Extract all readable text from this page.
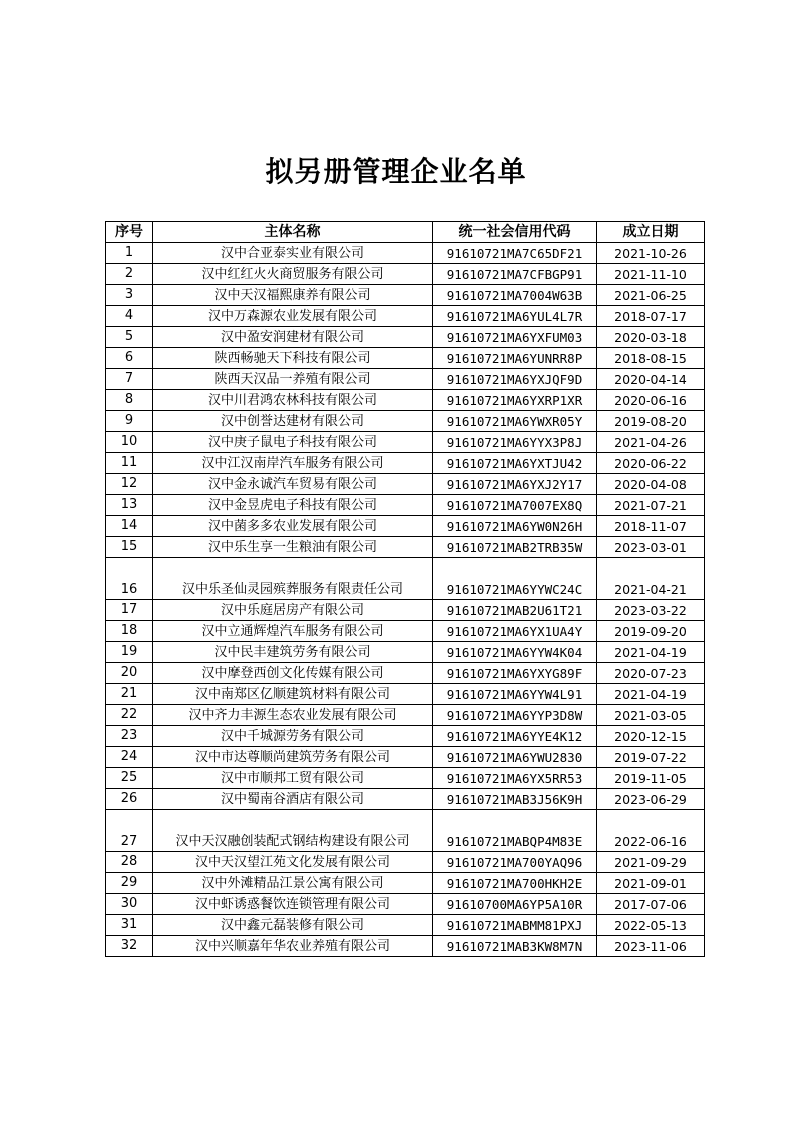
拟另册管理企业名单
序号	主体名称	统一社会信用代码	成立日期
1	汉中合亚泰实业有限公司	91610721MA7C65DF21	2021-10-26
2	汉中红红火火商贸服务有限公司	91610721MA7CFBGP91	2021-11-10
3	汉中天汉福熙康养有限公司	91610721MA7004W63B	2021-06-25
4	汉中万森源农业发展有限公司	91610721MA6YUL4L7R	2018-07-17
5	汉中盈安润建材有限公司	91610721MA6YXFUM03	2020-03-18
6	陕西畅驰天下科技有限公司	91610721MA6YUNRR8P	2018-08-15
7	陕西天汉品一养殖有限公司	91610721MA6YXJQF9D	2020-04-14
8	汉中川君鸿农林科技有限公司	91610721MA6YXRP1XR	2020-06-16
9	汉中创誉达建材有限公司	91610721MA6YWXR05Y	2019-08-20
10	汉中庚子鼠电子科技有限公司	91610721MA6YYX3P8J	2021-04-26
11	汉中江汉南岸汽车服务有限公司	91610721MA6YXTJU42	2020-06-22
12	汉中金永诚汽车贸易有限公司	91610721MA6YXJ2Y17	2020-04-08
13	汉中金昱虎电子科技有限公司	91610721MA7007EX8Q	2021-07-21
14	汉中菌多多农业发展有限公司	91610721MA6YW0N26H	2018-11-07
15	汉中乐生享一生粮油有限公司	91610721MAB2TRB35W	2023-03-01
16	汉中乐圣仙灵园殡葬服务有限责任公司	91610721MA6YYWC24C	2021-04-21
17	汉中乐庭居房产有限公司	91610721MAB2U61T21	2023-03-22
18	汉中立通辉煌汽车服务有限公司	91610721MA6YX1UA4Y	2019-09-20
19	汉中民丰建筑劳务有限公司	91610721MA6YYW4K04	2021-04-19
20	汉中摩登西创文化传媒有限公司	91610721MA6YXYG89F	2020-07-23
21	汉中南郑区亿顺建筑材料有限公司	91610721MA6YYW4L91	2021-04-19
22	汉中齐力丰源生态农业发展有限公司	91610721MA6YYP3D8W	2021-03-05
23	汉中千城源劳务有限公司	91610721MA6YYE4K12	2020-12-15
24	汉中市达尊顺尚建筑劳务有限公司	91610721MA6YWU2830	2019-07-22
25	汉中市顺邦工贸有限公司	91610721MA6YX5RR53	2019-11-05
26	汉中蜀南谷酒店有限公司	91610721MAB3J56K9H	2023-06-29
27	汉中天汉融创装配式钢结构建设有限公司	91610721MABQP4M83E	2022-06-16
28	汉中天汉望江苑文化发展有限公司	91610721MA700YAQ96	2021-09-29
29	汉中外滩精品江景公寓有限公司	91610721MA700HKH2E	2021-09-01
30	汉中虾诱惑餐饮连锁管理有限公司	91610700MA6YP5A10R	2017-07-06
31	汉中鑫元磊装修有限公司	91610721MABMM81PXJ	2022-05-13
32	汉中兴顺嘉年华农业养殖有限公司	91610721MAB3KW8M7N	2023-11-06
